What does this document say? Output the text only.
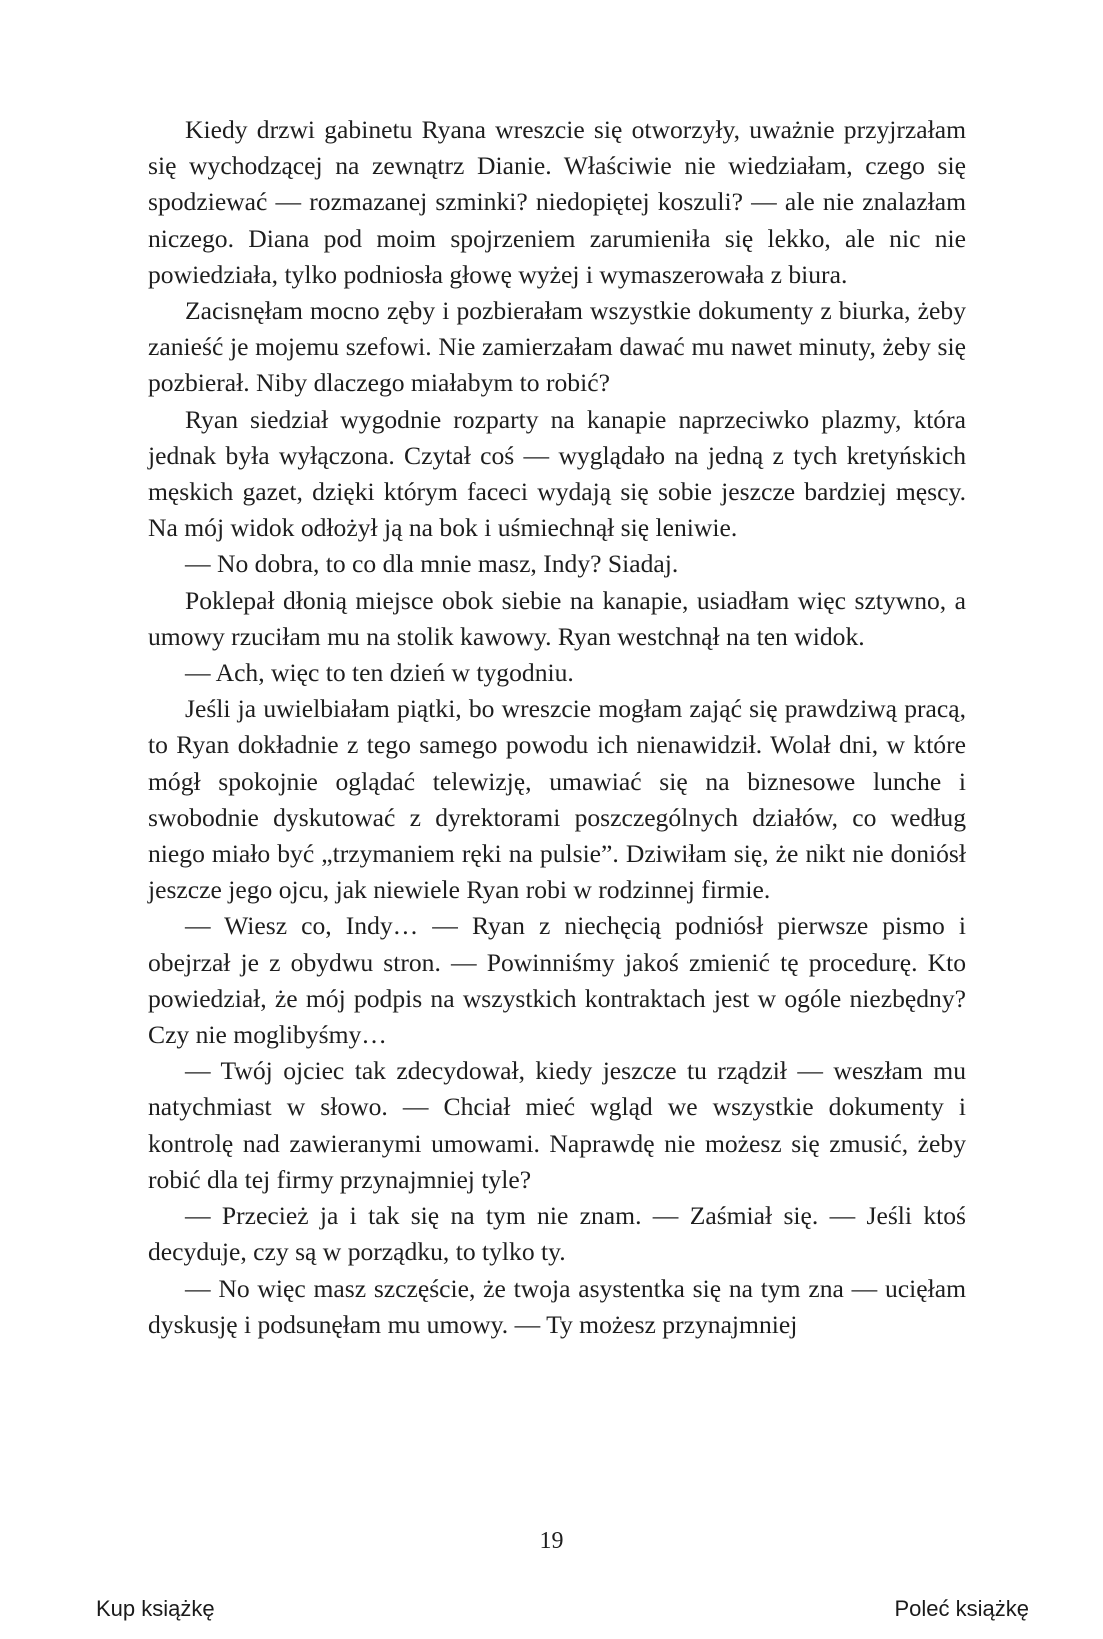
Kiedy drzwi gabinetu Ryana wreszcie się otworzyły, uważnie przyjrzałam się wychodzącej na zewnątrz Dianie. Właściwie nie wiedziałam, czego się spodziewać — rozmazanej szminki? niedopiętej koszuli? — ale nie znalazłam niczego. Diana pod moim spojrzeniem zarumieniła się lekko, ale nic nie powiedziała, tylko podniosła głowę wyżej i wymaszerowała z biura.

Zacisnęłam mocno zęby i pozbierałam wszystkie dokumenty z biurka, żeby zanieść je mojemu szefowi. Nie zamierzałam dawać mu nawet minuty, żeby się pozbierał. Niby dlaczego miałabym to robić?

Ryan siedział wygodnie rozparty na kanapie naprzeciwko plazmy, która jednak była wyłączona. Czytał coś — wyglądało na jedną z tych kretyńskich męskich gazet, dzięki którym faceci wydają się sobie jeszcze bardziej męscy. Na mój widok odłożył ją na bok i uśmiechnął się leniwie.

— No dobra, to co dla mnie masz, Indy? Siadaj.

Poklepał dłonią miejsce obok siebie na kanapie, usiadłam więc sztywno, a umowy rzuciłam mu na stolik kawowy. Ryan westchnął na ten widok.

— Ach, więc to ten dzień w tygodniu.

Jeśli ja uwielbiałam piątki, bo wreszcie mogłam zająć się prawdziwą pracą, to Ryan dokładnie z tego samego powodu ich nienawidził. Wolał dni, w które mógł spokojnie oglądać telewizję, umawiać się na biznesowe lunche i swobodnie dyskutować z dyrektorami poszczególnych działów, co według niego miało być „trzymaniem ręki na pulsie”. Dziwiłam się, że nikt nie doniósł jeszcze jego ojcu, jak niewiele Ryan robi w rodzinnej firmie.

— Wiesz co, Indy… — Ryan z niechęcią podniósł pierwsze pismo i obejrzał je z obydwu stron. — Powinniśmy jakoś zmienić tę procedurę. Kto powiedział, że mój podpis na wszystkich kontraktach jest w ogóle niezbędny? Czy nie moglibyśmy…

— Twój ojciec tak zdecydował, kiedy jeszcze tu rządził — weszłam mu natychmiast w słowo. — Chciał mieć wgląd we wszystkie dokumenty i kontrolę nad zawieranymi umowami. Naprawdę nie możesz się zmusić, żeby robić dla tej firmy przynajmniej tyle?

— Przecież ja i tak się na tym nie znam. — Zaśmiał się. — Jeśli ktoś decyduje, czy są w porządku, to tylko ty.

— No więc masz szczęście, że twoja asystentka się na tym zna — ucięłam dyskusję i podsunęłam mu umowy. — Ty możesz przynajmniej

19
Kup książkę	Poleć książkę
